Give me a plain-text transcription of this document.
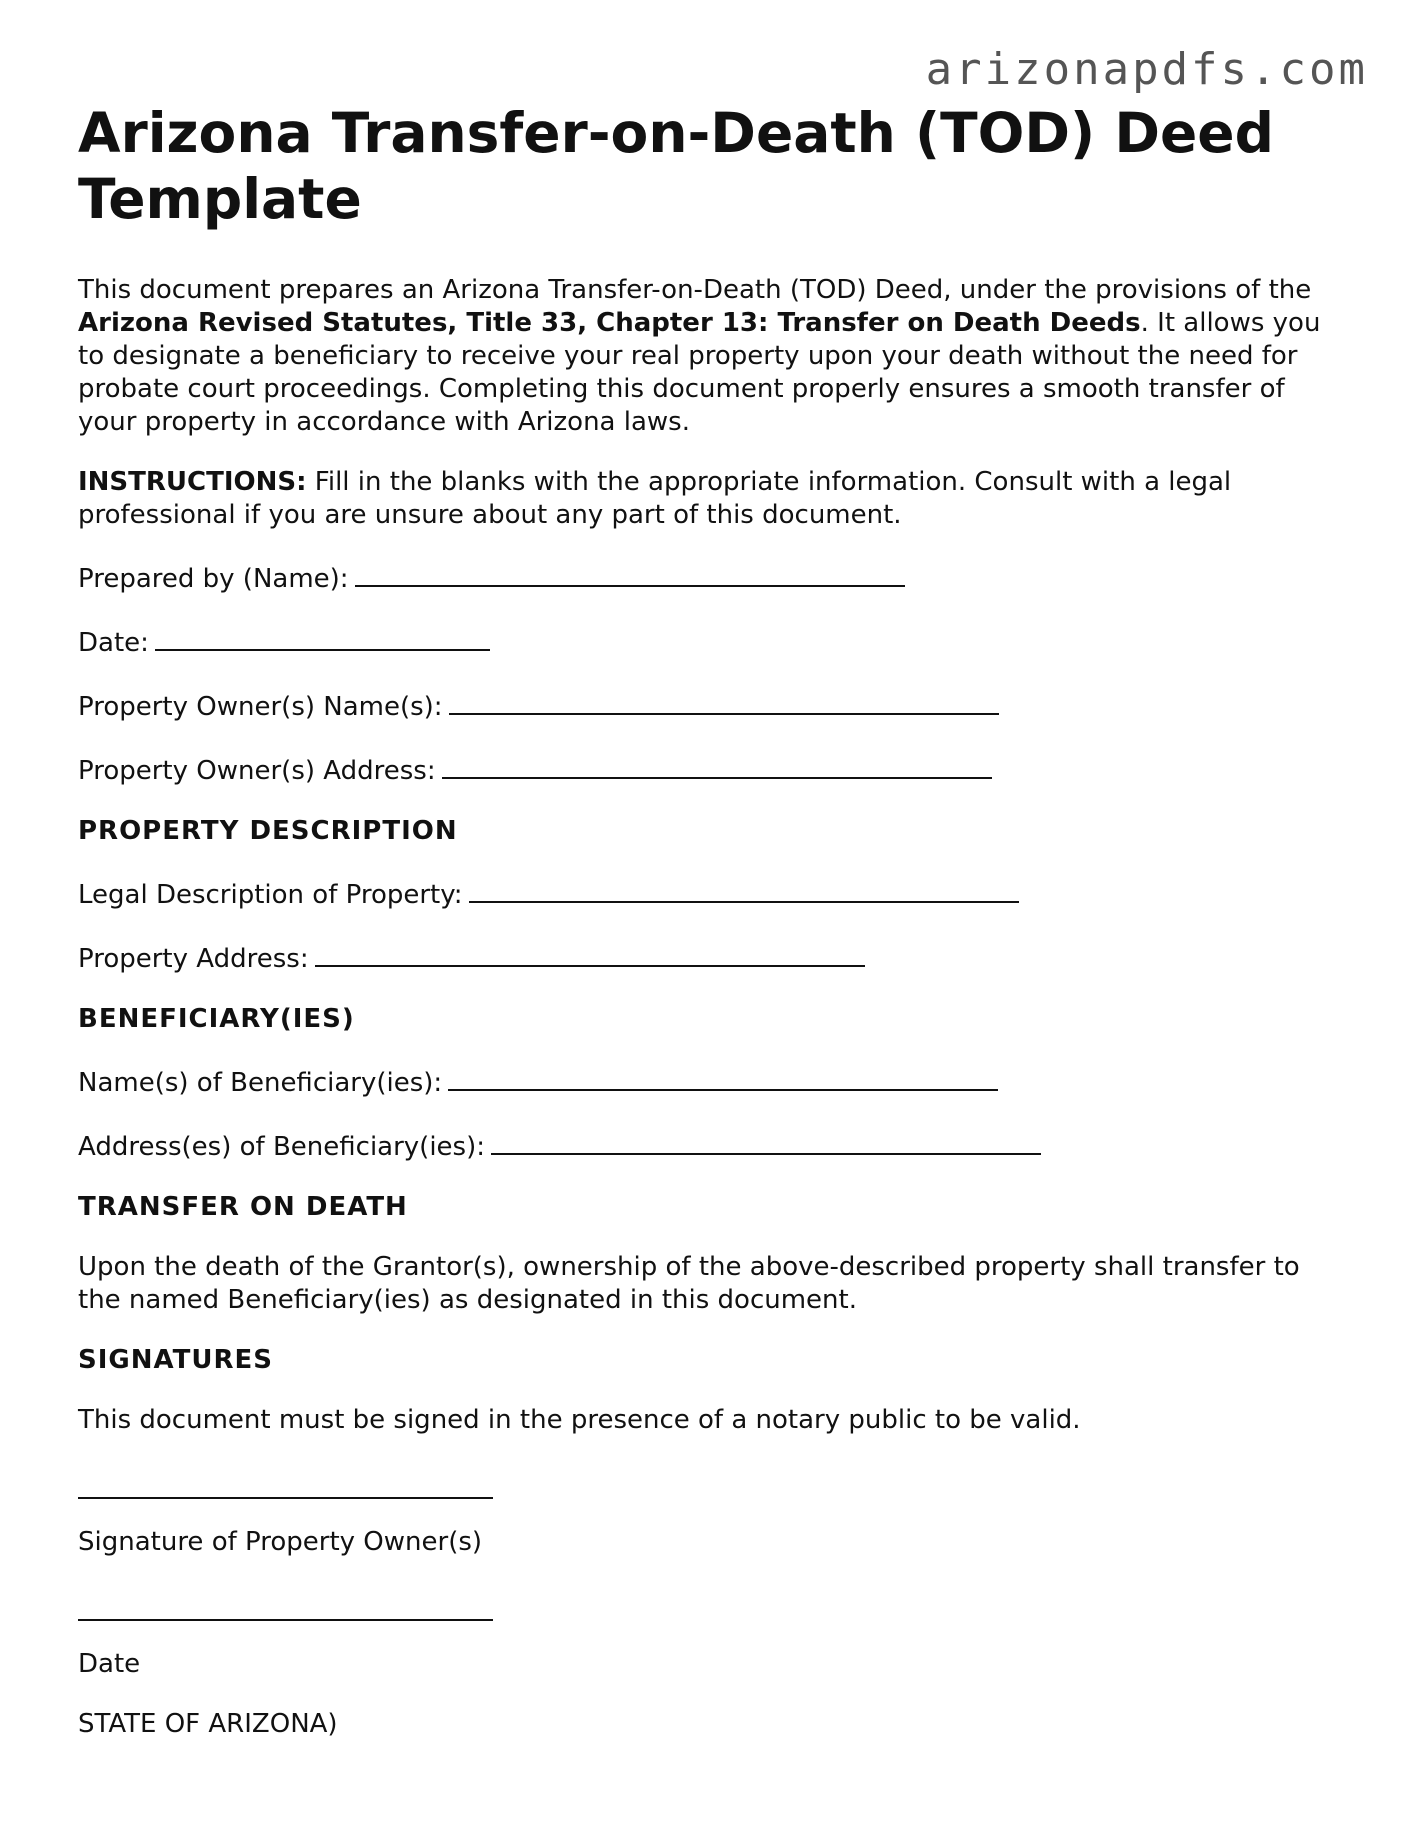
arizonapdfs.com
Arizona Transfer-on-Death (TOD) Deed Template

This document prepares an Arizona Transfer-on-Death (TOD) Deed, under the provisions of the Arizona Revised Statutes, Title 33, Chapter 13: Transfer on Death Deeds. It allows you to designate a beneficiary to receive your real property upon your death without the need for probate court proceedings. Completing this document properly ensures a smooth transfer of your property in accordance with Arizona laws.

INSTRUCTIONS: Fill in the blanks with the appropriate information. Consult with a legal professional if you are unsure about any part of this document.

Prepared by (Name):
Date:
Property Owner(s) Name(s):
Property Owner(s) Address:
PROPERTY DESCRIPTION
Legal Description of Property:
Property Address:
BENEFICIARY(IES)
Name(s) of Beneficiary(ies):
Address(es) of Beneficiary(ies):
TRANSFER ON DEATH

Upon the death of the Grantor(s), ownership of the above-described property shall transfer to the named Beneficiary(ies) as designated in this document.

SIGNATURES

This document must be signed in the presence of a notary public to be valid.

Signature of Property Owner(s)

Date

STATE OF ARIZONA)
